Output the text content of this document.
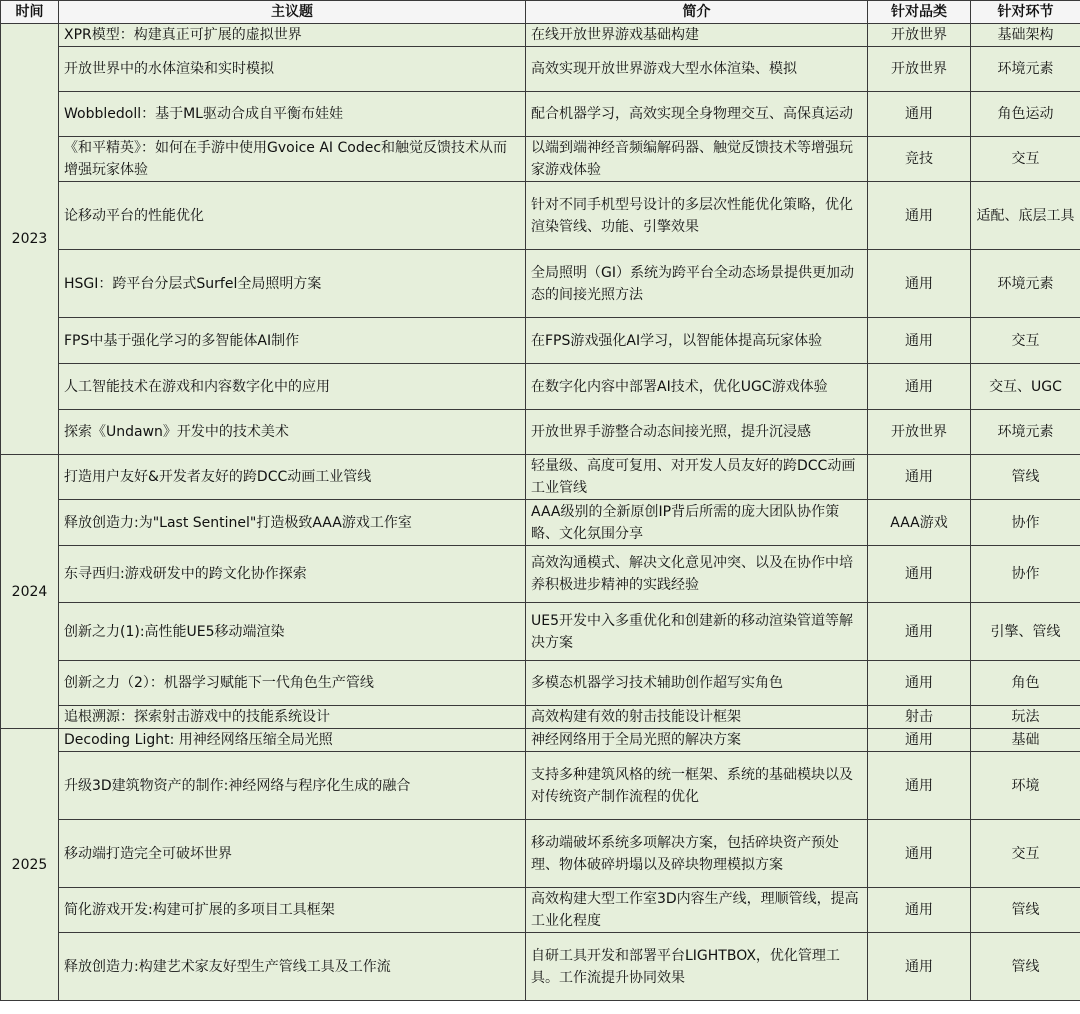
时间	主议题	简介	针对品类	针对环节
2023	XPR模型：构建真正可扩展的虚拟世界	在线开放世界游戏基础构建	开放世界	基础架构
	开放世界中的水体渲染和实时模拟	高效实现开放世界游戏大型水体渲染、模拟	开放世界	环境元素
	Wobbledoll：基于ML驱动合成自平衡布娃娃	配合机器学习，高效实现全身物理交互、高保真运动	通用	角色运动
	《和平精英》：如何在手游中使用Gvoice AI Codec和触觉反馈技术从而增强玩家体验	以端到端神经音频编解码器、触觉反馈技术等增强玩家游戏体验	竞技	交互
	论移动平台的性能优化	针对不同手机型号设计的多层次性能优化策略，优化渲染管线、功能、引擎效果	通用	适配、底层工具
	HSGI：跨平台分层式Surfel全局照明方案	全局照明（GI）系统为跨平台全动态场景提供更加动态的间接光照方法	通用	环境元素
	FPS中基于强化学习的多智能体AI制作	在FPS游戏强化AI学习，以智能体提高玩家体验	通用	交互
	人工智能技术在游戏和内容数字化中的应用	在数字化内容中部署AI技术，优化UGC游戏体验	通用	交互、UGC
	探索《Undawn》开发中的技术美术	开放世界手游整合动态间接光照，提升沉浸感	开放世界	环境元素
2024	打造用户友好&开发者友好的跨DCC动画工业管线	轻量级、高度可复用、对开发人员友好的跨DCC动画工业管线	通用	管线
	释放创造力:为"Last Sentinel"打造极致AAA游戏工作室	AAA级别的全新原创IP背后所需的庞大团队协作策略、文化氛围分享	AAA游戏	协作
	东寻西归:游戏研发中的跨文化协作探索	高效沟通模式、解决文化意见冲突、以及在协作中培养积极进步精神的实践经验	通用	协作
	创新之力(1):高性能UE5移动端渲染	UE5开发中入多重优化和创建新的移动渲染管道等解决方案	通用	引擎、管线
	创新之力（2）：机器学习赋能下一代角色生产管线	多模态机器学习技术辅助创作超写实角色	通用	角色
	追根溯源：探索射击游戏中的技能系统设计	高效构建有效的射击技能设计框架	射击	玩法
2025	Decoding Light: 用神经网络压缩全局光照	神经网络用于全局光照的解决方案	通用	基础
	升级3D建筑物资产的制作:神经网络与程序化生成的融合	支持多种建筑风格的统一框架、系统的基础模块以及对传统资产制作流程的优化	通用	环境
	移动端打造完全可破坏世界	移动端破坏系统多项解决方案，包括碎块资产预处理、物体破碎坍塌以及碎块物理模拟方案	通用	交互
	简化游戏开发:构建可扩展的多项目工具框架	高效构建大型工作室3D内容生产线，理顺管线，提高工业化程度	通用	管线
	释放创造力:构建艺术家友好型生产管线工具及工作流	自研工具开发和部署平台LIGHTBOX，优化管理工具。工作流提升协同效果	通用	管线
